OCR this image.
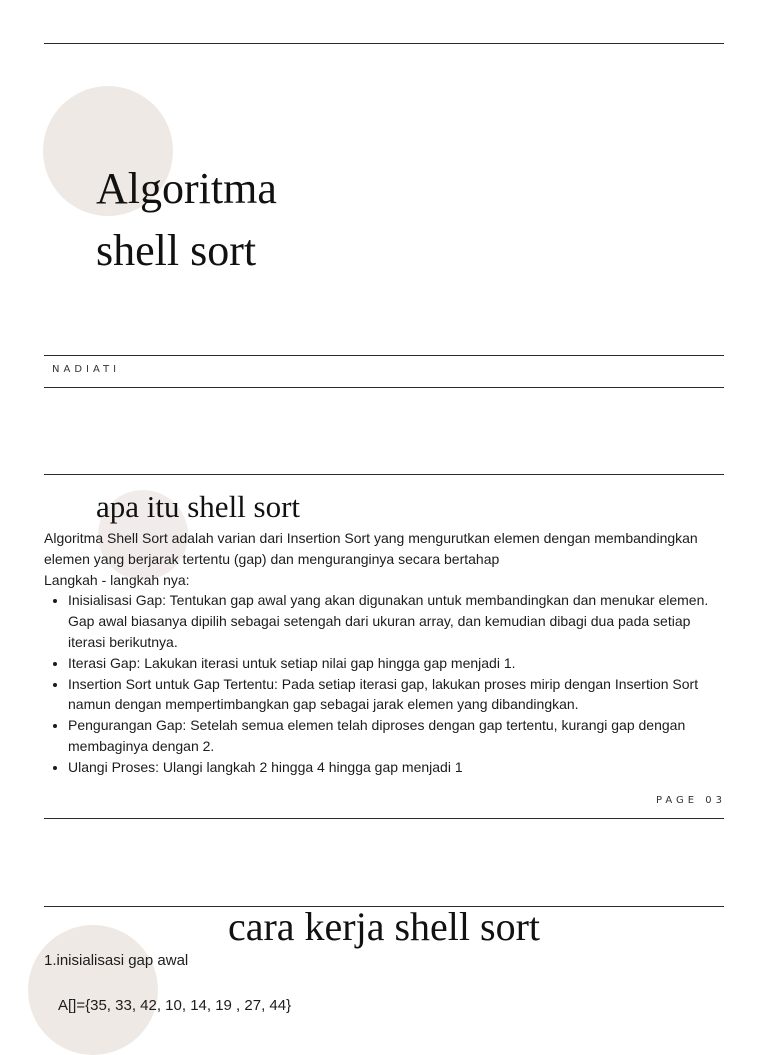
Algoritma
shell sort
NADIATI
apa itu shell sort

Algoritma Shell Sort adalah varian dari Insertion Sort yang mengurutkan elemen dengan membandingkan elemen yang berjarak tertentu (gap) dan menguranginya secara bertahap

Langkah - langkah nya:

• Inisialisasi Gap: Tentukan gap awal yang akan digunakan untuk membandingkan dan menukar elemen. Gap awal biasanya dipilih sebagai setengah dari ukuran array, dan kemudian dibagi dua pada setiap iterasi berikutnya.
• Iterasi Gap: Lakukan iterasi untuk setiap nilai gap hingga gap menjadi 1.
• Insertion Sort untuk Gap Tertentu: Pada setiap iterasi gap, lakukan proses mirip dengan Insertion Sort namun dengan mempertimbangkan gap sebagai jarak elemen yang dibandingkan.
• Pengurangan Gap: Setelah semua elemen telah diproses dengan gap tertentu, kurangi gap dengan membaginya dengan 2.
• Ulangi Proses: Ulangi langkah 2 hingga 4 hingga gap menjadi 1
PAGE 03
cara kerja shell sort
1.inisialisasi gap awal
A[]={35, 33, 42, 10, 14, 19 , 27, 44}
